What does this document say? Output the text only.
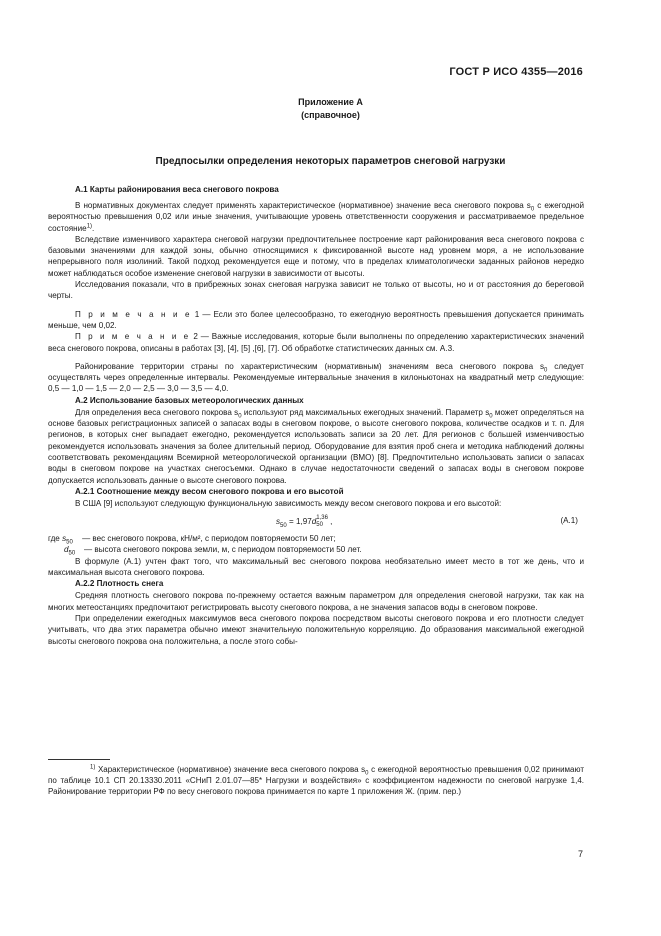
ГОСТ Р ИСО 4355—2016
Приложение А
(справочное)
Предпосылки определения некоторых параметров снеговой нагрузки
А.1 Карты районирования веса снегового покрова

В нормативных документах следует применять характеристическое (нормативное) значение веса снегового покрова $s_0$ с ежегодной вероятностью превышения 0,02 или иные значения, учитывающие уровень ответственности сооружения и рассматриваемое предельное состояние$^{1)}$.

Вследствие изменчивого характера снеговой нагрузки предпочтительнее построение карт районирования веса снегового покрова с базовыми значениями для каждой зоны, обычно относящимися к фиксированной высоте над уровнем моря, а не использование непрерывного поля изолиний. Такой подход рекомендуется еще и потому, что в пределах климатологически заданных районов нередко может наблюдаться особое изменение снеговой нагрузки в зависимости от высоты.

Исследования показали, что в прибрежных зонах снеговая нагрузка зависит не только от высоты, но и от расстояния до береговой черты.

П р и м е ч а н и е 1 — Если это более целесообразно, то ежегодную вероятность превышения допускается принимать меньше, чем 0,02.

П р и м е ч а н и е 2 — Важные исследования, которые были выполнены по определению характеристических значений веса снегового покрова, описаны в работах [3], [4], [5] ,[6], [7]. Об обработке статистических данных см. А.3.

Районирование территории страны по характеристическим (нормативным) значениям веса снегового покрова $s_0$ следует осуществлять через определенные интервалы. Рекомендуемые интервальные значения в килоньютонах на квадратный метр следующие: 0,5 — 1,0 — 1,5 — 2,0 — 2,5 — 3,0 — 3,5 — 4,0.

А.2 Использование базовых метеорологических данных

Для определения веса снегового покрова $s_0$ используют ряд максимальных ежегодных значений. Параметр $s_0$ может определяться на основе базовых регистрационных записей о запасах воды в снеговом покрове, о высоте снегового покрова, количестве осадков и т. п. Для регионов, в которых снег выпадает ежегодно, рекомендуется использовать записи за 20 лет. Для регионов с большей изменчивостью рекомендуется использовать значения за более длительный период. Оборудование для взятия проб снега и методика наблюдений должны соответствовать рекомендациям Всемирной метеорологической организации (ВМО) [8]. Предпочтительно использовать записи о запасах воды в снеговом покрове на участках снегосъемки. Однако в случае недостаточности сведений о запасах воды в снеговом покрове допускается использовать данные о высоте снегового покрова.

А.2.1 Соотношение между весом снегового покрова и его высотой

В США [9] используют следующую функциональную зависимость между весом снегового покрова и его высотой:

$s_{50} = 1,97d$ 1,36
50 ,	(А.1)
где
$s_{50}$	— вес снегового покрова, кН/м², с периодом повторяемости 50 лет;
$d_{50}$	— высота снегового покрова земли, м, с периодом повторяемости 50 лет.

В формуле (А.1) учтен факт того, что максимальный вес снегового покрова необязательно имеет место в тот же день, что и максимальная высота снегового покрова.

А.2.2 Плотность снега

Средняя плотность снегового покрова по-прежнему остается важным параметром для определения снеговой нагрузки, так как на многих метеостанциях предпочитают регистрировать высоту снегового покрова, а не значения запасов воды в снеговом покрове.

При определении ежегодных максимумов веса снегового покрова посредством высоты снегового покрова и его плотности следует учитывать, что два этих параметра обычно имеют значительную положительную корреляцию. До образования максимальной ежегодной высоты снегового покрова она положительна, а после этого собы-

$^{1)}$ Характеристическое (нормативное) значение веса снегового покрова $s_0$ с ежегодной вероятностью превышения 0,02 принимают по таблице 10.1 СП 20.13330.2011 «СНиП 2.01.07—85* Нагрузки и воздействия» с коэффициентом надежности по снеговой нагрузке 1,4. Районирование территории РФ по весу снегового покрова принимается по карте 1 приложения Ж. (прим. пер.)
7
